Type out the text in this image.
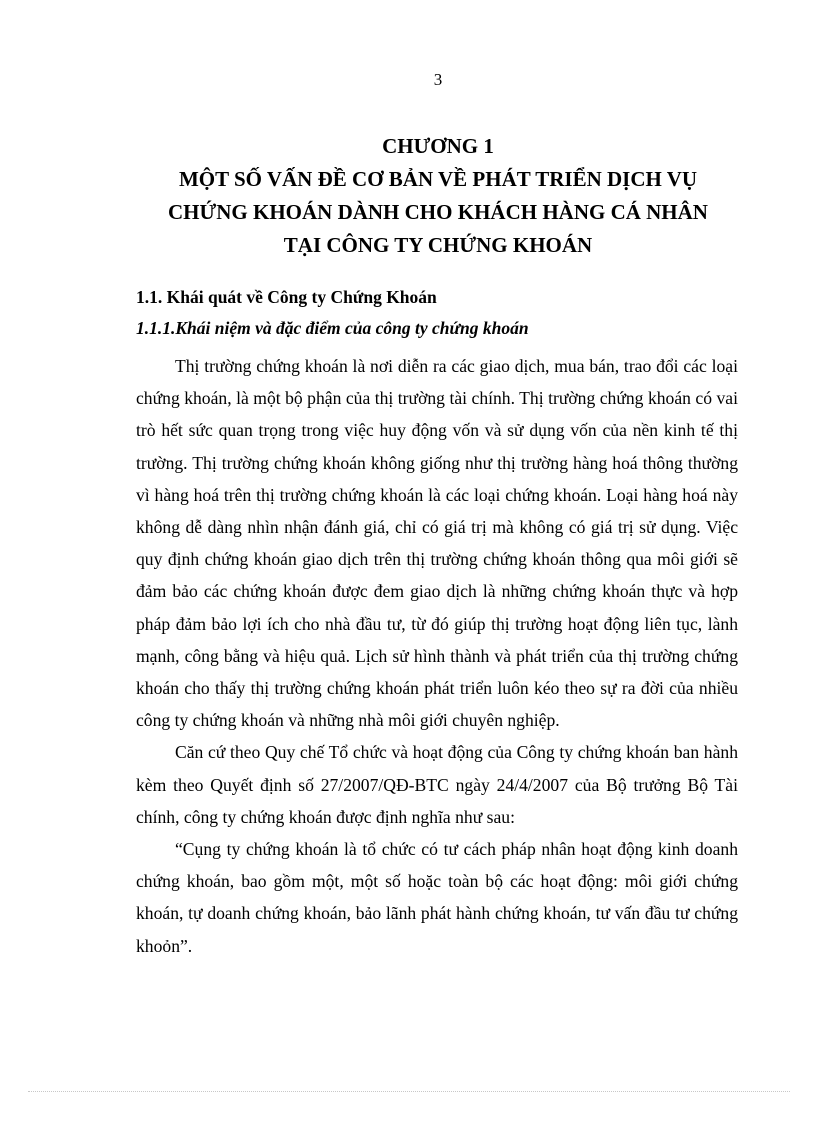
3
CHƯƠNG 1
MỘT SỐ VẤN ĐỀ CƠ BẢN VỀ PHÁT TRIỂN DỊCH VỤ
CHỨNG KHOÁN DÀNH CHO KHÁCH HÀNG CÁ NHÂN
TẠI CÔNG TY CHỨNG KHOÁN
1.1. Khái quát về Công ty Chứng Khoán
1.1.1.Khái niệm và đặc điểm của công ty chứng khoán

Thị trường chứng khoán là nơi diễn ra các giao dịch, mua bán, trao đổi các loại chứng khoán, là một bộ phận của thị trường tài chính. Thị trường chứng khoán có vai trò hết sức quan trọng trong việc huy động vốn và sử dụng vốn của nền kinh tế thị trường. Thị trường chứng khoán không giống như thị trường hàng hoá thông thường vì hàng hoá trên thị trường chứng khoán là các loại chứng khoán. Loại hàng hoá này không dễ dàng nhìn nhận đánh giá, chỉ có giá trị mà không có giá trị sử dụng. Việc quy định chứng khoán giao dịch trên thị trường chứng khoán thông qua môi giới sẽ đảm bảo các chứng khoán được đem giao dịch là những chứng khoán thực và hợp pháp đảm bảo lợi ích cho nhà đầu tư, từ đó giúp thị trường hoạt động liên tục, lành mạnh, công bằng và hiệu quả. Lịch sử hình thành và phát triển của thị trường chứng khoán cho thấy thị trường chứng khoán phát triển luôn kéo theo sự ra đời của nhiều công ty chứng khoán và những nhà môi giới chuyên nghiệp.

Căn cứ theo Quy chế Tổ chức và hoạt động của Công ty chứng khoán ban hành kèm theo Quyết định số 27/2007/QĐ-BTC ngày 24/4/2007 của Bộ trưởng Bộ Tài chính, công ty chứng khoán được định nghĩa như sau:

“Cụng ty chứng khoán là tổ chức có tư cách pháp nhân hoạt động kinh doanh chứng khoán, bao gồm một, một số hoặc toàn bộ các hoạt động: môi giới chứng khoán, tự doanh chứng khoán, bảo lãnh phát hành chứng khoán, tư vấn đầu tư chứng khoỏn”.
